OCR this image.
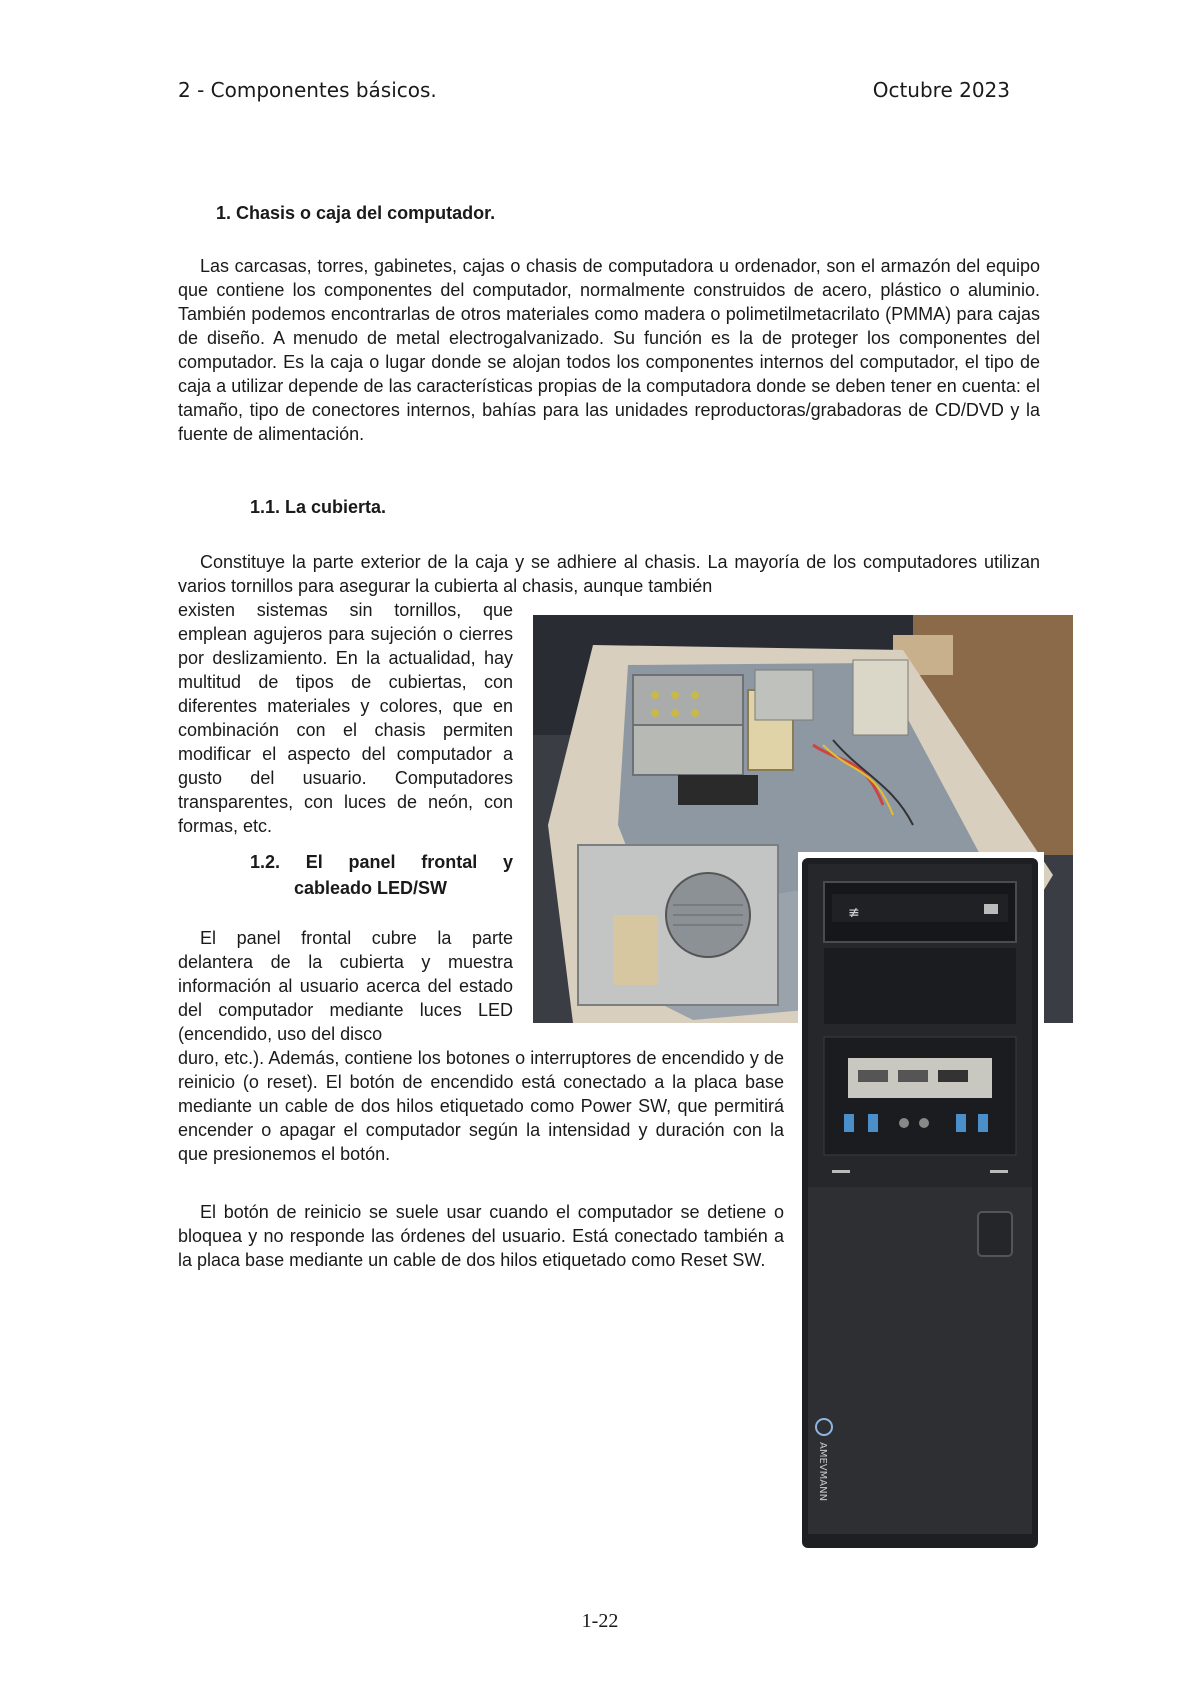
2 - Componentes básicos.	Octubre 2023
1. Chasis o caja del computador.
Las carcasas, torres, gabinetes, cajas o chasis de computadora u ordenador, son el armazón del equipo que contiene los componentes del computador, normalmente construidos de acero, plástico o aluminio. También podemos encontrarlas de otros materiales como madera o polimetilmetacrilato (PMMA) para cajas de diseño. A menudo de metal electrogalvanizado. Su función es la de proteger los componentes del computador. Es la caja o lugar donde se alojan todos los componentes internos del computador, el tipo de caja a utilizar depende de las características propias de la computadora donde se deben tener en cuenta: el tamaño, tipo de conectores internos, bahías para las unidades reproductoras/grabadoras de CD/DVD y la fuente de alimentación.
1.1. La cubierta.
Constituye la parte exterior de la caja y se adhiere al chasis. La mayoría de los computadores utilizan varios tornillos para asegurar la cubierta al chasis, aunque también
existen sistemas sin tornillos, que emplean agujeros para sujeción o cierres por deslizamiento. En la actualidad, hay multitud de tipos de cubiertas, con diferentes materiales y colores, que en combinación con el chasis permiten modificar el aspecto del computador a gusto del usuario. Computadores transparentes, con luces de neón, con formas, etc.
1.2. El panel frontal y
cableado LED/SW
El panel frontal cubre la parte delantera de la cubierta y muestra información al usuario acerca del estado del computador mediante luces LED (encendido, uso del disco
duro, etc.). Además, contiene los botones o interruptores de encendido y de reinicio (o reset). El botón de encendido está conectado a la placa base mediante un cable de dos hilos etiquetado como Power SW, que permitirá encender o apagar el computador según la intensidad y duración con la que presionemos el botón.
El botón de reinicio se suele usar cuando el computador se detiene o bloquea y no responde las órdenes del usuario. Está conectado también a la placa base mediante un cable de dos hilos etiquetado como Reset SW.
≢
AMEVMANN
1-22
